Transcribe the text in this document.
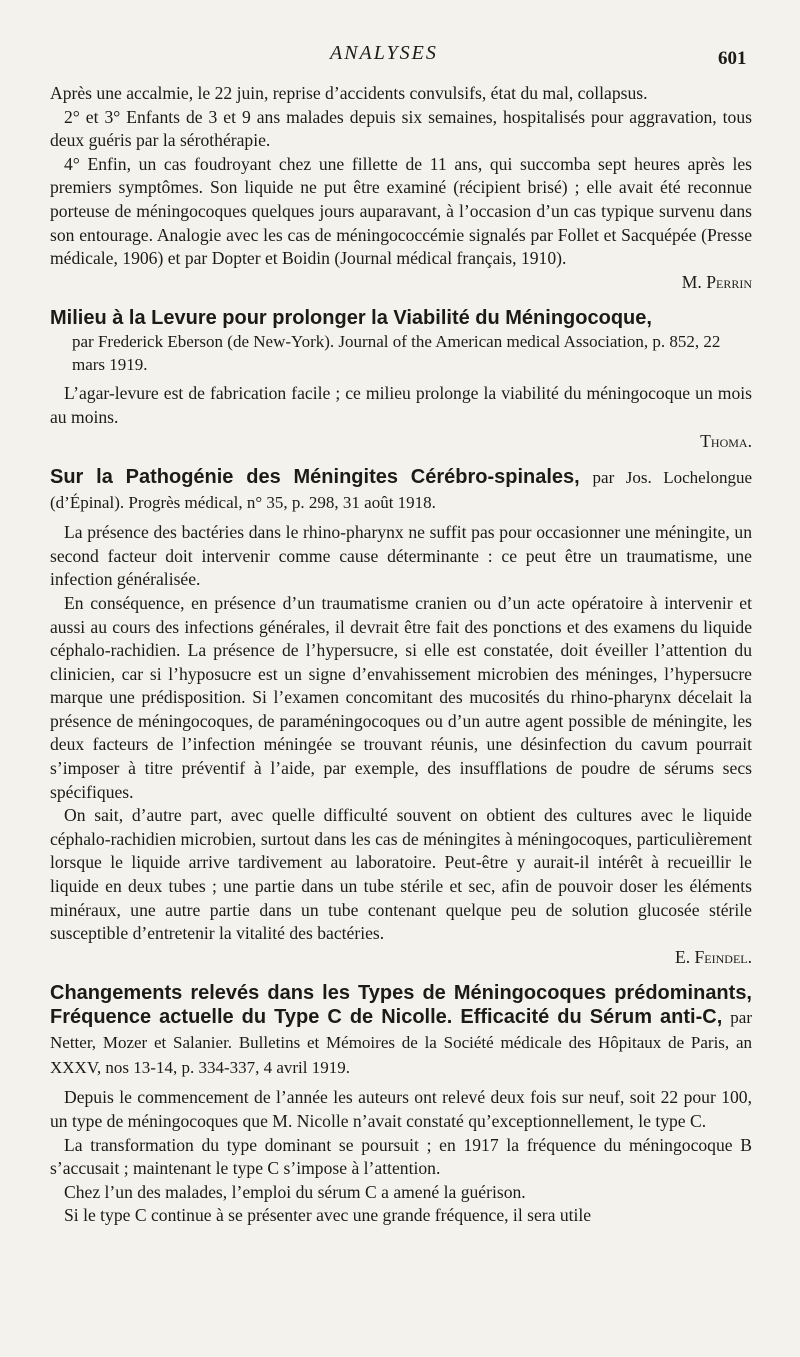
ANALYSES	601

Après une accalmie, le 22 juin, reprise d’accidents convulsifs, état du mal, collapsus.

2° et 3° Enfants de 3 et 9 ans malades depuis six semaines, hospitalisés pour aggravation, tous deux guéris par la sérothérapie.

4° Enfin, un cas foudroyant chez une fillette de 11 ans, qui succomba sept heures après les premiers symptômes. Son liquide ne put être examiné (récipient brisé) ; elle avait été reconnue porteuse de méningocoques quelques jours auparavant, à l’occasion d’un cas typique survenu dans son entourage. Analogie avec les cas de méningococcémie signalés par Follet et Sacquépée (Presse médicale, 1906) et par Dopter et Boidin (Journal médical français, 1910).

M. Perrin
Milieu à la Levure pour prolonger la Viabilité du Méningocoque,
par Frederick Eberson (de New-York). Journal of the American medical Association, p. 852, 22 mars 1919.

L’agar-levure est de fabrication facile ; ce milieu prolonge la viabilité du méningocoque un mois au moins.

Thoma.
Sur la Pathogénie des Méningites Cérébro-spinales, par Jos. Lochelongue (d’Épinal). Progrès médical, n° 35, p. 298, 31 août 1918.

La présence des bactéries dans le rhino-pharynx ne suffit pas pour occasionner une méningite, un second facteur doit intervenir comme cause déterminante : ce peut être un traumatisme, une infection généralisée.

En conséquence, en présence d’un traumatisme cranien ou d’un acte opératoire à intervenir et aussi au cours des infections générales, il devrait être fait des ponctions et des examens du liquide céphalo-rachidien. La présence de l’hypersucre, si elle est constatée, doit éveiller l’attention du clinicien, car si l’hyposucre est un signe d’envahissement microbien des méninges, l’hypersucre marque une prédisposition. Si l’examen concomitant des mucosités du rhino-pharynx décelait la présence de méningocoques, de paraméningocoques ou d’un autre agent possible de méningite, les deux facteurs de l’infection méningée se trouvant réunis, une désinfection du cavum pourrait s’imposer à titre préventif à l’aide, par exemple, des insufflations de poudre de sérums secs spécifiques.

On sait, d’autre part, avec quelle difficulté souvent on obtient des cultures avec le liquide céphalo-rachidien microbien, surtout dans les cas de méningites à méningocoques, particulièrement lorsque le liquide arrive tardivement au laboratoire. Peut-être y aurait-il intérêt à recueillir le liquide en deux tubes ; une partie dans un tube stérile et sec, afin de pouvoir doser les éléments minéraux, une autre partie dans un tube contenant quelque peu de solution glucosée stérile susceptible d’entretenir la vitalité des bactéries.

E. Feindel.
Changements relevés dans les Types de Méningocoques prédominants, Fréquence actuelle du Type C de Nicolle. Efficacité du Sérum anti-C, par Netter, Mozer et Salanier. Bulletins et Mémoires de la Société médicale des Hôpitaux de Paris, an XXXV, nos 13-14, p. 334-337, 4 avril 1919.

Depuis le commencement de l’année les auteurs ont relevé deux fois sur neuf, soit 22 pour 100, un type de méningocoques que M. Nicolle n’avait constaté qu’exceptionnellement, le type C.

La transformation du type dominant se poursuit ; en 1917 la fréquence du méningocoque B s’accusait ; maintenant le type C s’impose à l’attention.

Chez l’un des malades, l’emploi du sérum C a amené la guérison.

Si le type C continue à se présenter avec une grande fréquence, il sera utile
